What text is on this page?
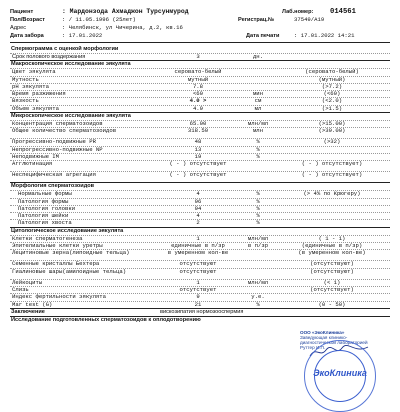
Пациент	: Мардонзода Ахмаджон Турсунмурод	Лаб.номер: 014561
Пол/Возраст	: / 11.05.1996 (25лет)	Регистрац.№	37549/А19
Адрес	: Челябинск, ул Чичерина, д.2, кв.16
Дата забора	: 17.01.2022	Дата печати	: 17.01.2022 14:21
Спермограмма с оценкой морфологии
Срок полового воздержания	3	дн.
Макроскопическое исследование эякулята
Цвет эякулята	серовато-белый	(серовато-белый)
Мутность	мутный	(мутный)
pH эякулята	7.8	(>7.2)
Время разжижения	<60	мин	(<60)
Вязкость	4.0 >	см	(<2.0)
Объем эякулята	4.9	мл	(>1.5)
Микроскопическое исследование эякулята
Концентрация сперматозоидов	65.00	млн/мл	(>15.00)
Общее количество сперматозоидов	318.50	млн	(>39.00)
Прогрессивно-подвижные PR	48	%	(>32)
Непрогрессивно-подвижные NP	13	%
Неподвижные IM	19	%
Агглютинация	( - ) отсутствует	( - ) отсутствует)
Неспецифическая агрегация	( - ) отсутствует	( - ) отсутствует)
Морфология сперматозоидов
Нормальные формы	4	%	(> 4% по Крюгеру)
Патология формы	96	%
Патология головки	94	%
Патология шейки	4	%
Патология хвоста	2	%
Цитологическое исследование эякулята
Клетки сперматогенеза	1	млн/мл	( 1 - 1)
Эпителиальные клетки уретры	единичные в п/зр	в п/зр	(единичные в п/зр)
Лецитиновые зерна(липоидные тельца)	в умеренном кол-ве	(в умеренном кол-ве)
Семенные кристаллы Бехтера	отсутствуют	(отсутствуют)
Гиалиновые шары(амилоидные тельца)	отсутствуют	(отсутствуют)
Лейкоциты	1	млн/мл	(< 1)
Слизь	отсутствует	(отсутствует)
Индекс фертильности эякулята	9	у.е.
Mar test (G)	21	%	(0 - 50)
Заключение	вискозипатия нормозооспермия
Исследование подготовленных сперматозоидов к оплодотворению
ООО «ЭкоКлиника»
Заведующая клинико-
диагностической лабораторией
Руттер И.П.
ЭкоКлиника
